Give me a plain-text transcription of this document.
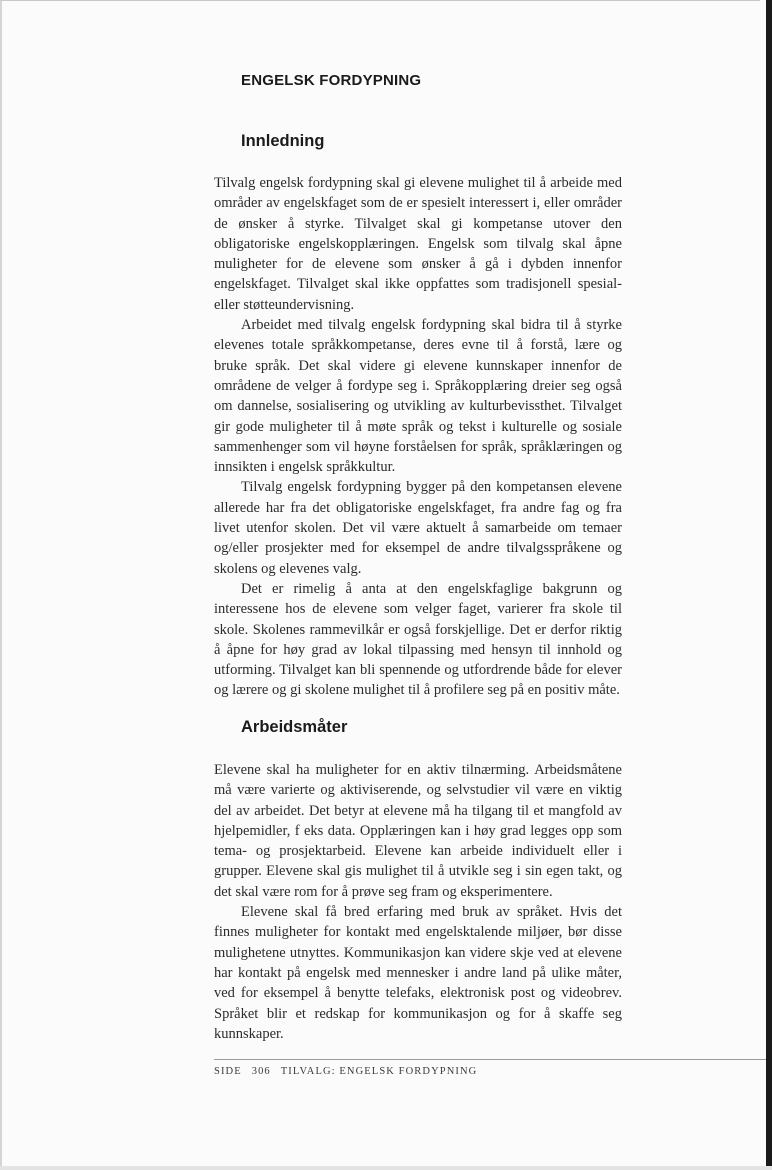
ENGELSK FORDYPNING
Innledning

Tilvalg engelsk fordypning skal gi elevene mulighet til å arbeide med områder av engelskfaget som de er spesielt interessert i, eller områder de ønsker å styrke. Tilvalget skal gi kompetanse utover den obligatoriske engelskopplæringen. Engelsk som tilvalg skal åpne muligheter for de elevene som ønsker å gå i dybden innenfor engelskfaget. Tilvalget skal ikke oppfattes som tradisjonell spesial- eller støtteundervisning.

Arbeidet med tilvalg engelsk fordypning skal bidra til å styrke elevenes totale språkkompetanse, deres evne til å forstå, lære og bruke språk. Det skal videre gi elevene kunnskaper innenfor de områdene de velger å fordype seg i. Språkopplæring dreier seg også om dannelse, sosialisering og utvikling av kulturbevissthet. Tilvalget gir gode muligheter til å møte språk og tekst i kulturelle og sosiale sammenhenger som vil høyne forståelsen for språk, språklæringen og innsikten i engelsk språkkultur.

Tilvalg engelsk fordypning bygger på den kompetansen elevene allerede har fra det obligatoriske engelskfaget, fra andre fag og fra livet utenfor skolen. Det vil være aktuelt å samarbeide om temaer og/eller prosjekter med for eksempel de andre tilvalgsspråkene og skolens og elevenes valg.

Det er rimelig å anta at den engelskfaglige bakgrunn og interessene hos de elevene som velger faget, varierer fra skole til skole. Skolenes rammevilkår er også forskjellige. Det er derfor riktig å åpne for høy grad av lokal tilpassing med hensyn til innhold og utforming. Tilvalget kan bli spennende og utfordrende både for elever og lærere og gi skolene mulighet til å profilere seg på en positiv måte.

Arbeidsmåter

Elevene skal ha muligheter for en aktiv tilnærming. Arbeidsmåtene må være varierte og aktiviserende, og selvstudier vil være en viktig del av arbeidet. Det betyr at elevene må ha tilgang til et mangfold av hjelpemidler, f eks data. Opplæringen kan i høy grad legges opp som tema- og prosjektarbeid. Elevene kan arbeide individuelt eller i grupper. Elevene skal gis mulighet til å utvikle seg i sin egen takt, og det skal være rom for å prøve seg fram og eksperimentere.

Elevene skal få bred erfaring med bruk av språket. Hvis det finnes muligheter for kontakt med engelsktalende miljøer, bør disse mulighetene utnyttes. Kommunikasjon kan videre skje ved at elevene har kontakt på engelsk med mennesker i andre land på ulike måter, ved for eksempel å benytte telefaks, elektronisk post og videobrev. Språket blir et redskap for kommunikasjon og for å skaffe seg kunnskaper.

SIDE 306 TILVALG: ENGELSK FORDYPNING
